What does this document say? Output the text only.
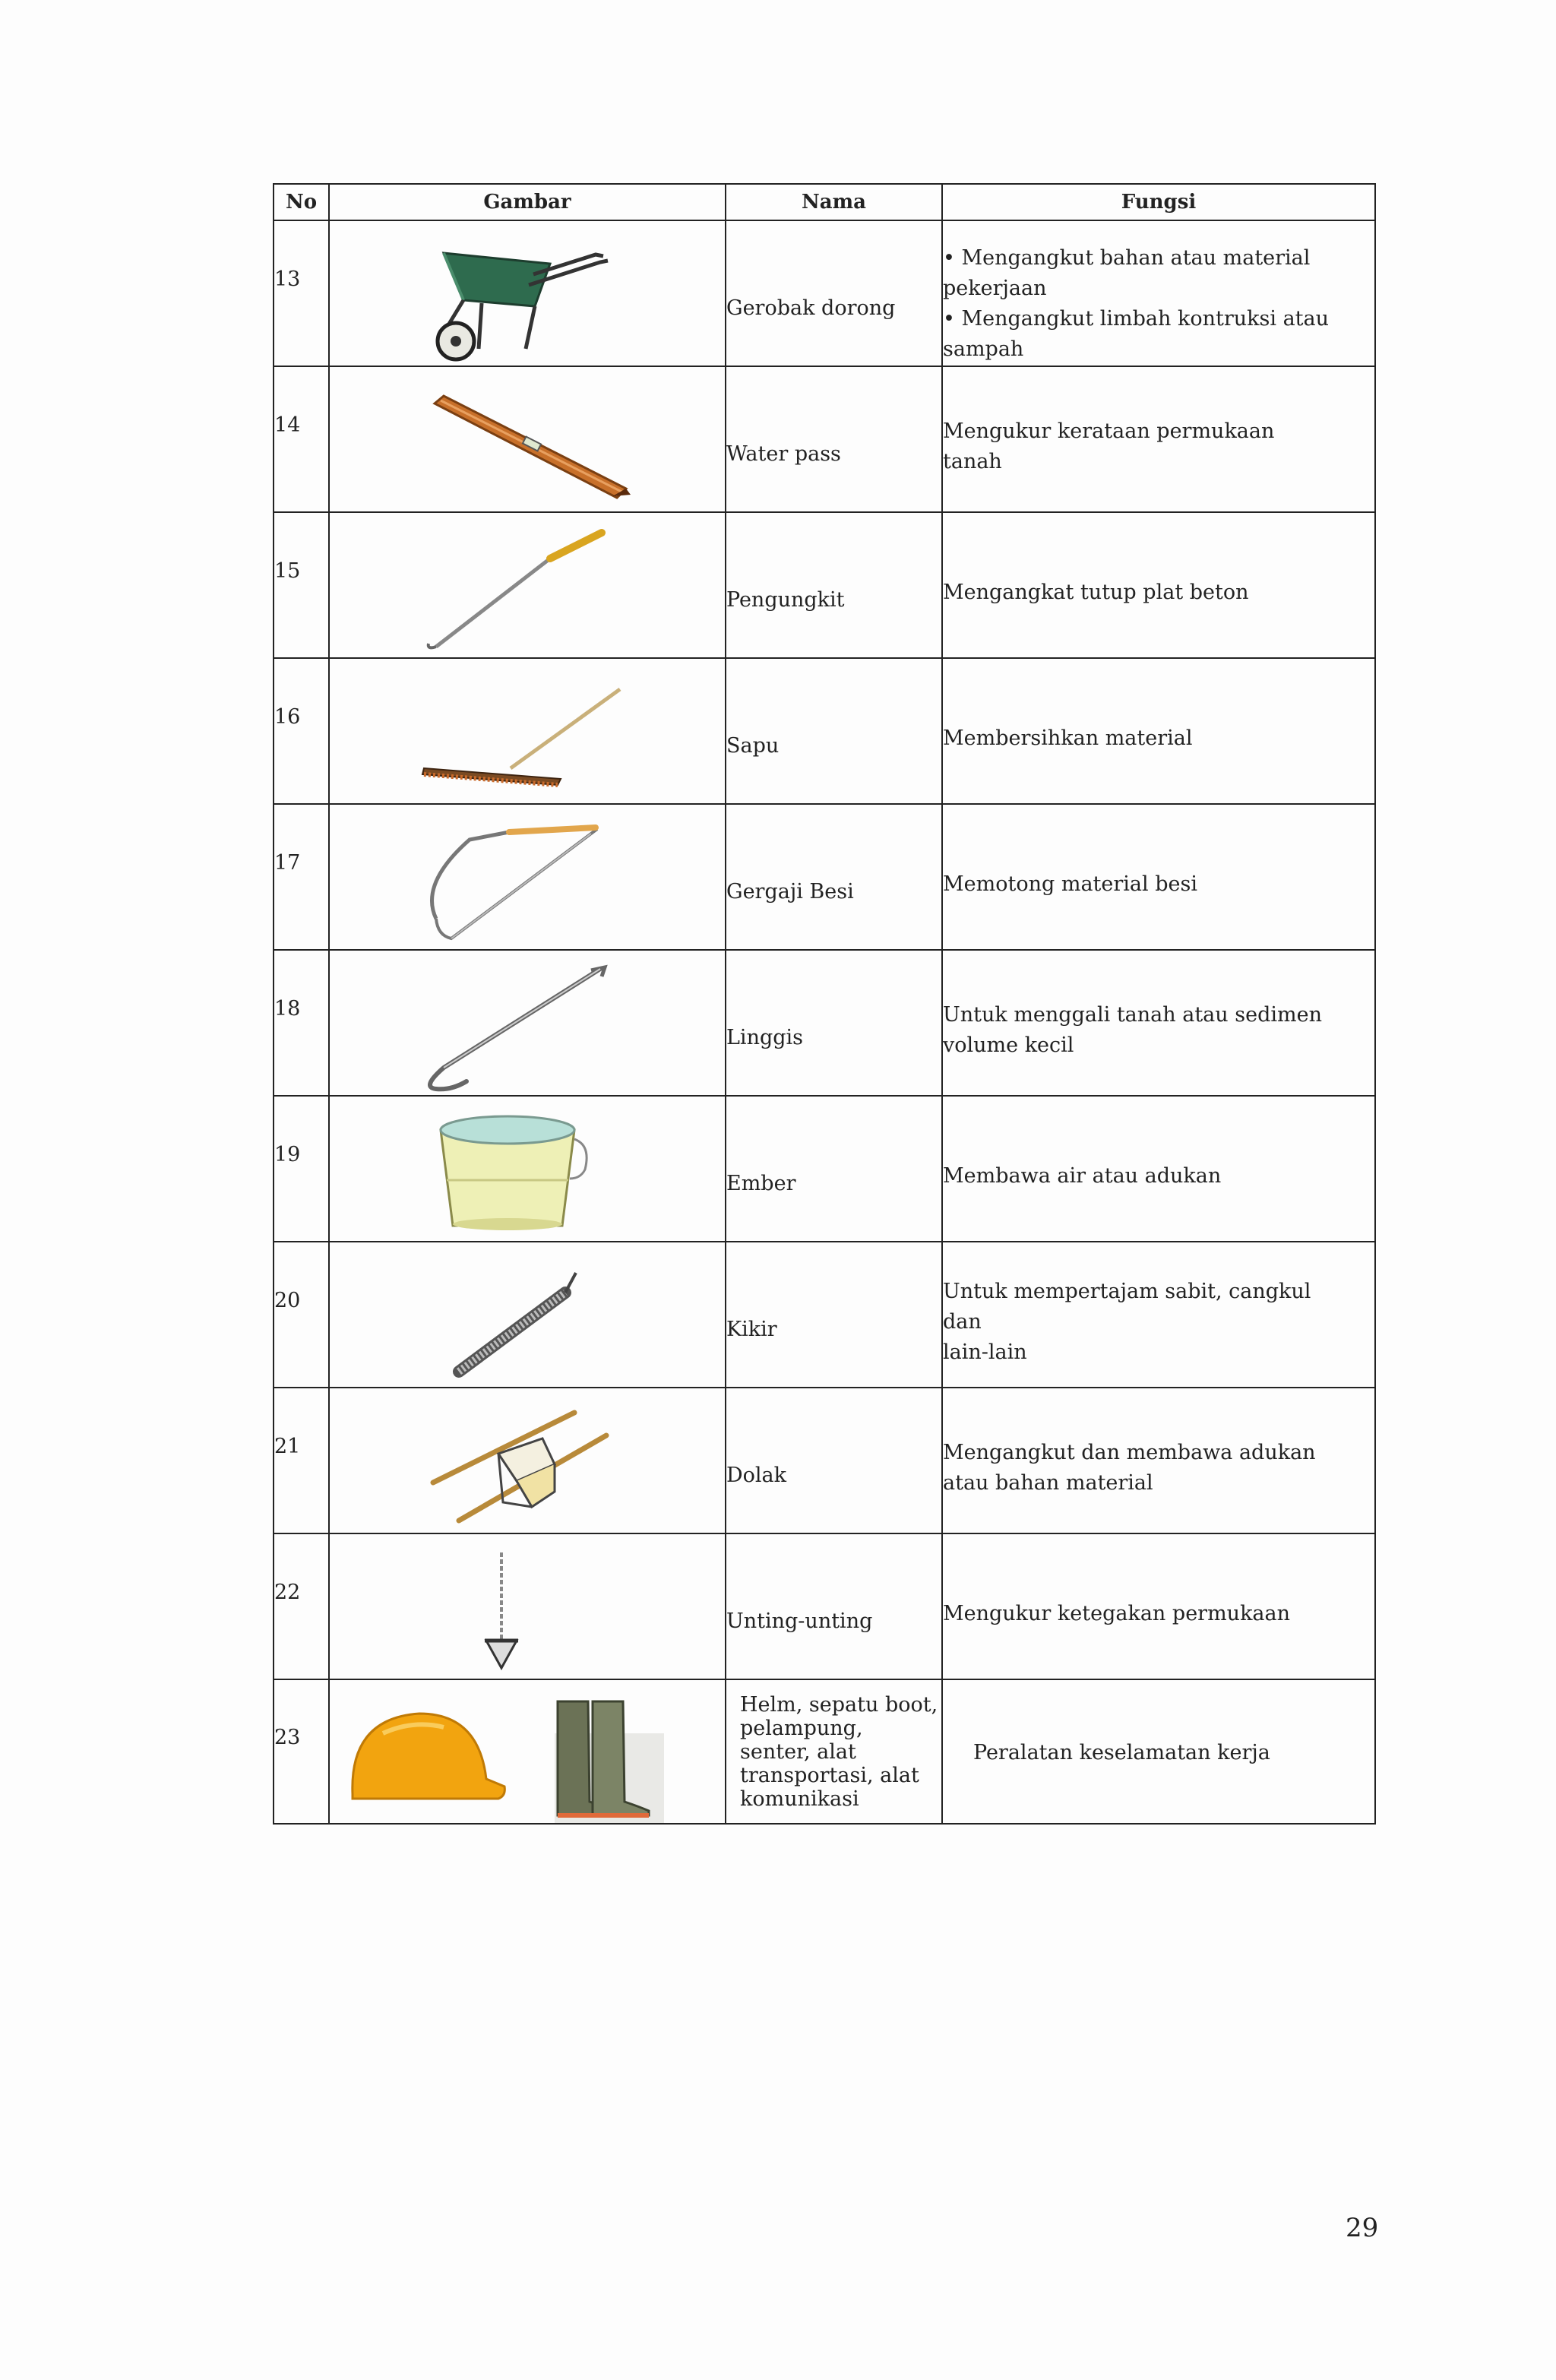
No	Gambar	Nama	Fungsi
13		Gerobak dorong	• Mengangkut bahan atau material
pekerjaan
• Mengangkut limbah kontruksi atau
sampah

14		Water pass	Mengukur kerataan permukaan
tanah

15		Pengungkit	Mengangkat tutup plat beton

16		Sapu	Membersihkan material

17		Gergaji Besi	Memotong material besi

18		Linggis	Untuk menggali tanah atau sedimen
volume kecil

19		Ember	Membawa air atau adukan

20		Kikir	Untuk mempertajam sabit, cangkul
dan
lain-lain

21		Dolak	Mengangkut dan membawa adukan
atau bahan material

22		Unting-unting	Mengukur ketegakan permukaan

23		Helm, sepatu boot,
pelampung,
senter, alat
transportasi, alat
komunikasi	Peralatan keselamatan kerja
29
